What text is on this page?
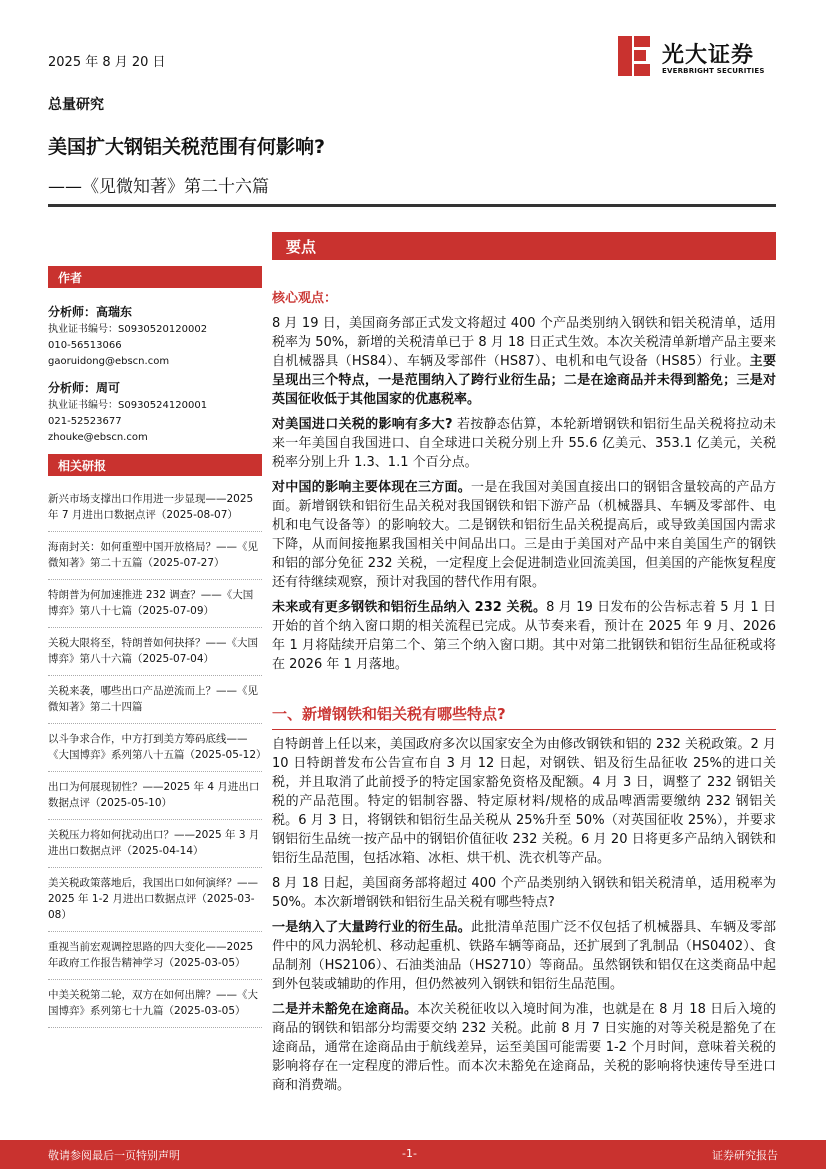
2025 年 8 月 20 日	光大证券
EVERBRIGHT SECURITIES
总量研究
美国扩大钢铝关税范围有何影响?
——《见微知著》第二十六篇
要点
作者
分析师：高瑞东
执业证书编号：S0930520120002
010-56513066
gaoruidong@ebscn.com
分析师：周可
执业证书编号：S0930524120001
021-52523677
zhouke@ebscn.com
相关研报
新兴市场支撑出口作用进一步显现——2025 年 7 月进出口数据点评（2025-08-07）
海南封关：如何重塑中国开放格局？——《见微知著》第二十五篇（2025-07-27）
特朗普为何加速推进 232 调查？——《大国博弈》第八十七篇（2025-07-09）
关税大限将至，特朗普如何抉择？——《大国博弈》第八十六篇（2025-07-04）
关税来袭，哪些出口产品逆流而上？——《见微知著》第二十四篇
以斗争求合作，中方打到美方筹码底线——《大国博弈》系列第八十五篇（2025-05-12）
出口为何展现韧性？——2025 年 4 月进出口数据点评（2025-05-10）
关税压力将如何扰动出口？——2025 年 3 月进出口数据点评（2025-04-14）
美关税政策落地后，我国出口如何演绎？——2025 年 1-2 月进出口数据点评（2025-03-08）
重视当前宏观调控思路的四大变化——2025 年政府工作报告精神学习（2025-03-05）
中美关税第二轮，双方在如何出牌？——《大国博弈》系列第七十九篇（2025-03-05）

核心观点：

8 月 19 日，美国商务部正式发文将超过 400 个产品类别纳入钢铁和铝关税清单，适用税率为 50%，新增的关税清单已于 8 月 18 日正式生效。本次关税清单新增产品主要来自机械器具（HS84）、车辆及零部件（HS87）、电机和电气设备（HS85）行业。主要呈现出三个特点，一是范围纳入了跨行业衍生品；二是在途商品并未得到豁免；三是对英国征收低于其他国家的优惠税率。

对美国进口关税的影响有多大? 若按静态估算，本轮新增钢铁和铝衍生品关税将拉动未来一年美国自我国进口、自全球进口关税分别上升 55.6 亿美元、353.1 亿美元，关税税率分别上升 1.3、1.1 个百分点。

对中国的影响主要体现在三方面。一是在我国对美国直接出口的钢铝含量较高的产品方面。新增钢铁和铝衍生品关税对我国钢铁和铝下游产品（机械器具、车辆及零部件、电机和电气设备等）的影响较大。二是钢铁和铝衍生品关税提高后，或导致美国国内需求下降，从而间接拖累我国相关中间品出口。三是由于美国对产品中来自美国生产的钢铁和铝的部分免征 232 关税，一定程度上会促进制造业回流美国，但美国的产能恢复程度还有待继续观察，预计对我国的替代作用有限。

未来或有更多钢铁和铝衍生品纳入 232 关税。8 月 19 日发布的公告标志着 5 月 1 日开始的首个纳入窗口期的相关流程已完成。从节奏来看，预计在 2025 年 9 月、2026 年 1 月将陆续开启第二个、第三个纳入窗口期。其中对第二批钢铁和铝衍生品征税或将在 2026 年 1 月落地。

一、新增钢铁和铝关税有哪些特点?

自特朗普上任以来，美国政府多次以国家安全为由修改钢铁和铝的 232 关税政策。2 月 10 日特朗普发布公告宣布自 3 月 12 日起，对钢铁、铝及衍生品征收 25%的进口关税，并且取消了此前授予的特定国家豁免资格及配额。4 月 3 日，调整了 232 钢铝关税的产品范围。特定的铝制容器、特定原材料/规格的成品啤酒需要缴纳 232 钢铝关税。6 月 3 日，将钢铁和铝衍生品关税从 25%升至 50%（对英国征收 25%），并要求钢铝衍生品统一按产品中的钢铝价值征收 232 关税。6 月 20 日将更多产品纳入钢铁和铝衍生品范围，包括冰箱、冰柜、烘干机、洗衣机等产品。

8 月 18 日起，美国商务部将超过 400 个产品类别纳入钢铁和铝关税清单，适用税率为 50%。本次新增钢铁和铝衍生品关税有哪些特点?

一是纳入了大量跨行业的衍生品。此批清单范围广泛不仅包括了机械器具、车辆及零部件中的风力涡轮机、移动起重机、铁路车辆等商品，还扩展到了乳制品（HS0402）、食品制剂（HS2106）、石油类油品（HS2710）等商品。虽然钢铁和铝仅在这类商品中起到外包装或辅助的作用，但仍然被列入钢铁和铝衍生品范围。

二是并未豁免在途商品。本次关税征收以入境时间为准，也就是在 8 月 18 日后入境的商品的钢铁和铝部分均需要交纳 232 关税。此前 8 月 7 日实施的对等关税是豁免了在途商品，通常在途商品由于航线差异，运至美国可能需要 1-2 个月时间，意味着关税的影响将存在一定程度的滞后性。而本次未豁免在途商品，关税的影响将快速传导至进口商和消费端。

敬请参阅最后一页特别声明	-1-	证券研究报告
